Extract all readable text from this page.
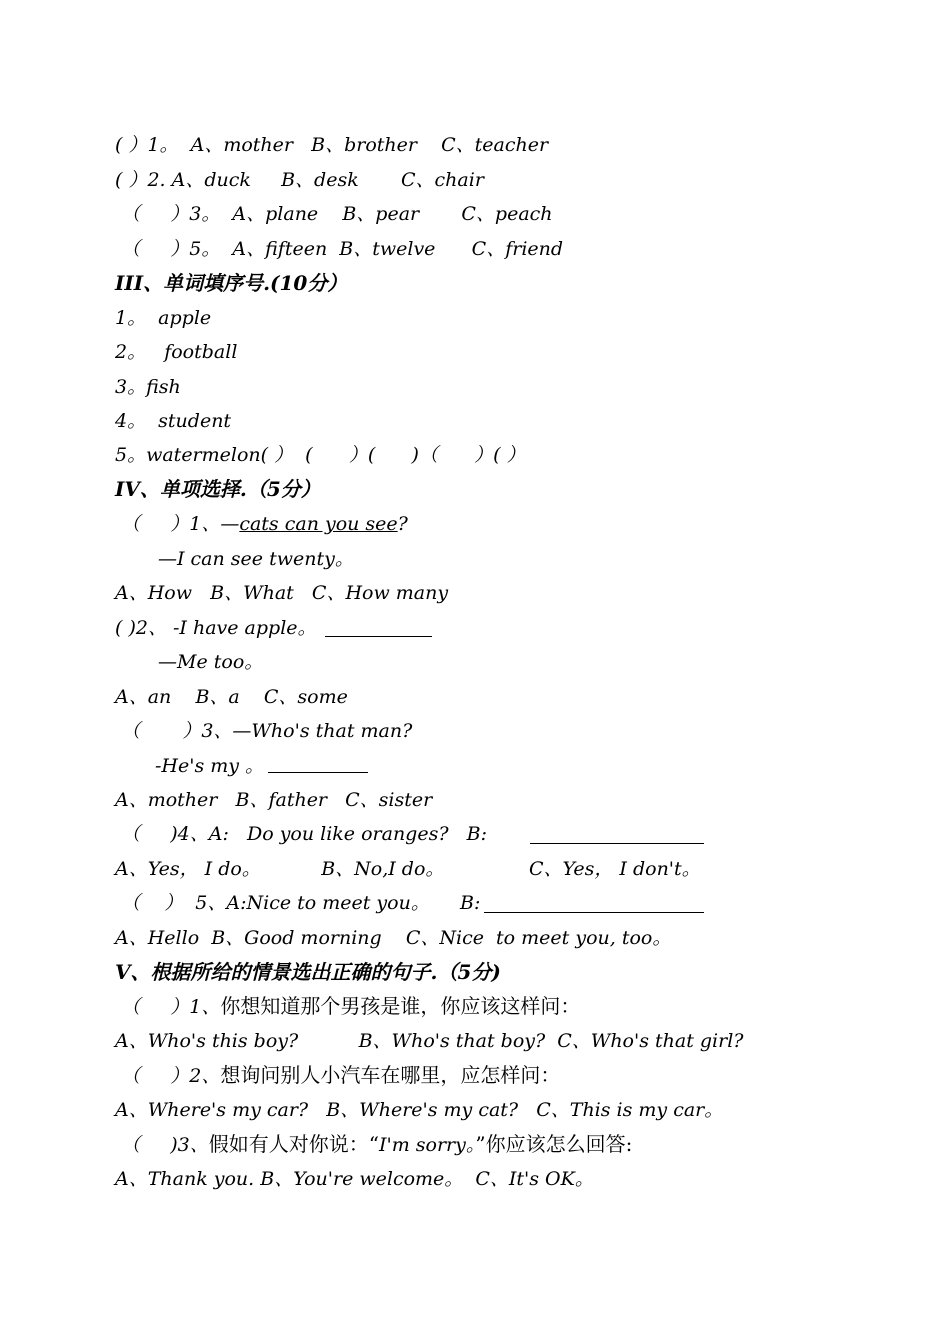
( ）1。  A、mother   B、brother    C、teacher
( ）2. A、duck     B、desk       C、chair
（     ）3。  A、plane    B、pear       C、peach
（     ）5。  A、fifteen  B、twelve      C、friend
III、单词填序号.(10分）
1。  apple
2。   football
3。fish
4。  student
5。watermelon( ）  (      ）(      )（      ）( ）
IV、单项选择.（5分）
（     ）1、—cats can you see?
—I can see twenty。
A、How   B、What   C、How many
( )2、 -I have apple。
—Me too。
A、an    B、a    C、some
（       ）3、—Who's that man?
-He's my 。
A、mother   B、father   C、sister
（     )4、A:   Do you like oranges?   B:
A、Yes， I do。          B、No,I do。              C、Yes， I don't。
（    ）  5、A:Nice to meet you。     B:
A、Hello  B、Good morning    C、Nice  to meet you, too。
V、根据所给的情景选出正确的句子.（5分)
（     ）1、你想知道那个男孩是谁，你应该这样问：
A、Who's this boy?          B、Who's that boy?  C、Who's that girl?
（     ）2、想询问别人小汽车在哪里，应怎样问：
A、Where's my car?   B、Where's my cat?   C、This is my car。
（     )3、假如有人对你说：“I'm sorry。”你应该怎么回答:
A、Thank you. B、You're welcome。  C、It's OK。
